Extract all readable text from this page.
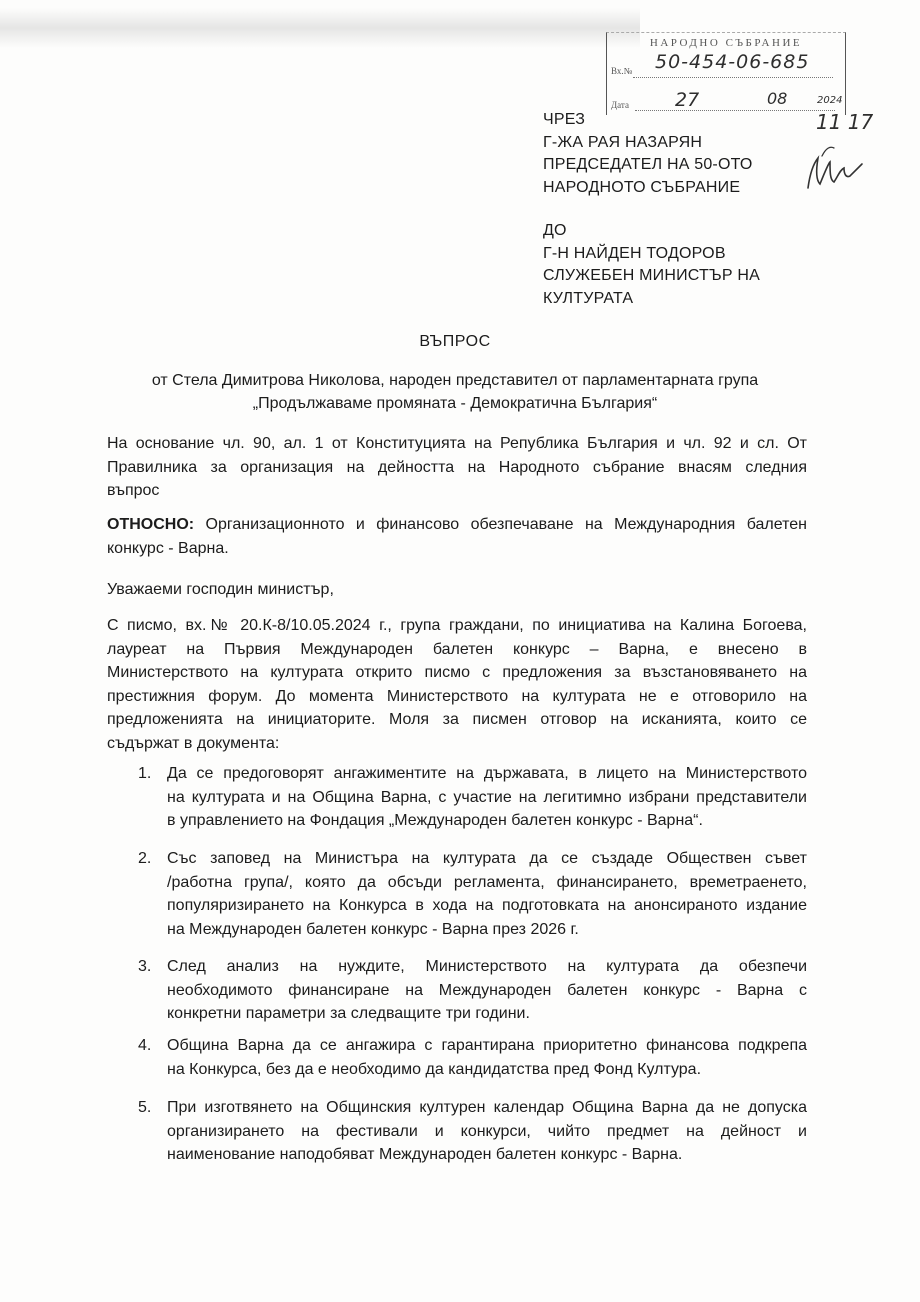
НАРОДНО СЪБРАНИЕ
Вх.№ 50-454-06-685
Дата 27	08	2024
11 17
ЧРЕЗ
Г-ЖА РАЯ НАЗАРЯН
ПРЕДСЕДАТЕЛ НА 50-ОТО
НАРОДНОТО СЪБРАНИЕ
ДО
Г-Н НАЙДЕН ТОДОРОВ
СЛУЖЕБЕН МИНИСТЪР НА
КУЛТУРАТА
ВЪПРОС
от Стела Димитрова Николова, народен представител от парламентарната група
„Продължаваме промяната - Демократична България“
На основание чл. 90, ал. 1 от Конституцията на Република България и чл. 92 и сл. От
Правилника за организация на дейността на Народното събрание внасям следния
въпрос
ОТНОСНО: Организационното и финансово обезпечаване на Международния балетен
конкурс - Варна.
Уважаеми господин министър,
С писмо, вх.№ 20.К-8/10.05.2024 г., група граждани, по инициатива на Калина Богоева,
лауреат на Първия Международен балетен конкурс – Варна, е внесено в
Министерството на културата открито писмо с предложения за възстановяването на
престижния форум. До момента Министерството на културата не е отговорило на
предложенията на инициаторите. Моля за писмен отговор на исканията, които се
съдържат в документа:
1. Да се предоговорят ангажиментите на държавата, в лицето на Министерството
на културата и на Община Варна, с участие на легитимно избрани представители
в управлението на Фондация „Международен балетен конкурс - Варна“.
2. Със заповед на Министъра на културата да се създаде Обществен съвет
/работна група/, която да обсъди регламента, финансирането, времетраенето,
популяризирането на Конкурса в хода на подготовката на анонсираното издание
на Международен балетен конкурс - Варна през 2026 г.
3. След анализ на нуждите, Министерството на културата да обезпечи
необходимото финансиране на Международен балетен конкурс - Варна с
конкретни параметри за следващите три години.
4. Община Варна да се ангажира с гарантирана приоритетно финансова подкрепа
на Конкурса, без да е необходимо да кандидатства пред Фонд Култура.
5. При изготвянето на Общинския културен календар Община Варна да не допуска
организирането на фестивали и конкурси, чийто предмет на дейност и
наименование наподобяват Международен балетен конкурс - Варна.
